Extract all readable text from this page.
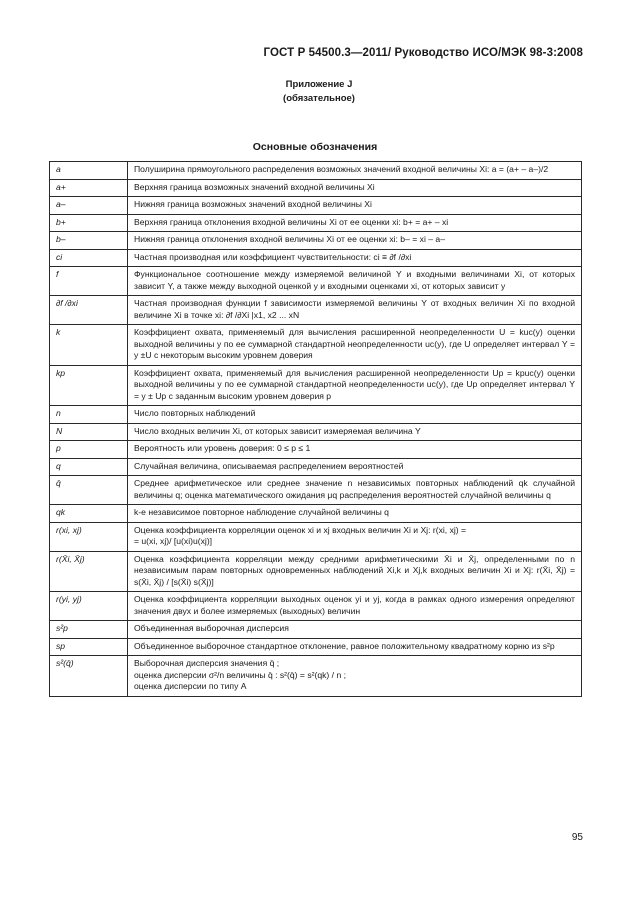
ГОСТ Р 54500.3—2011/ Руководство ИСО/МЭК 98-3:2008
Приложение J
(обязательное)
Основные обозначения
a	Полуширина прямоугольного распределения возможных значений входной величины Xi: a = (a+ – a–)/2

a+	Верхняя граница возможных значений входной величины Xi

a–	Нижняя граница возможных значений входной величины Xi

b+	Верхняя граница отклонения входной величины Xi от ее оценки xi: b+ = a+ – xi

b–	Нижняя граница отклонения входной величины Xi от ее оценки xi: b– = xi – a–

ci	Частная производная или коэффициент чувствительности: ci ≡ ∂f /∂xi

f	Функциональное соотношение между измеряемой величиной Y и входными величинами Xi, от которых зависит Y, а также между выходной оценкой y и входными оценками xi, от которых зависит y

∂f /∂xi	Частная производная функции f зависимости измеряемой величины Y от входных величин Xi по входной величине Xi в точке xi: ∂f /∂Xi |x1, x2 ... xN

k	Коэффициент охвата, применяемый для вычисления расширенной неопределенности U = kuc(y) оценки выходной величины y по ее суммарной стандартной неопределенности uc(y), где U определяет интервал Y = y ±U с некоторым высоким уровнем доверия

kp	Коэффициент охвата, применяемый для вычисления расширенной неопределенности Up = kpuc(y) оценки выходной величины y по ее суммарной стандартной неопределенности uc(y), где Up определяет интервал Y = y ± Up с заданным высоким уровнем доверия p

n	Число повторных наблюдений

N	Число входных величин Xi, от которых зависит измеряемая величина Y

p	Вероятность или уровень доверия: 0 ≤ p ≤ 1

q	Случайная величина, описываемая распределением вероятностей

q̄	Среднее арифметическое или среднее значение n независимых повторных наблюдений qk случайной величины q; оценка математического ожидания μq распределения вероятностей случайной величины q

qk	k-е независимое повторное наблюдение случайной величины q

r(xi, xj)	Оценка коэффициента корреляции оценок xi и xj входных величин Xi и Xj: r(xi, xj) =
= u(xi, xj)/ [u(xi)u(xj)]

r(X̄i, X̄j)	Оценка коэффициента корреляции между средними арифметическими X̄i и X̄j, определенными по n независимым парам повторных одновременных наблюдений Xi,k и Xj,k входных величин Xi и Xj: r(X̄i, X̄j) = s(X̄i, X̄j) / [s(X̄i) s(X̄j)]

r(yi, yj)	Оценка коэффициента корреляции выходных оценок yi и yj, когда в рамках одного измерения определяют значения двух и более измеряемых (выходных) величин

s²p	Объединенная выборочная дисперсия

sp	Объединенное выборочное стандартное отклонение, равное положительному квадратному корню из s²p

s²(q̄)	Выборочная дисперсия значения q̄ ;
оценка дисперсии σ²/n величины q̄ : s²(q̄) = s²(qk) / n ;
оценка дисперсии по типу А
95
